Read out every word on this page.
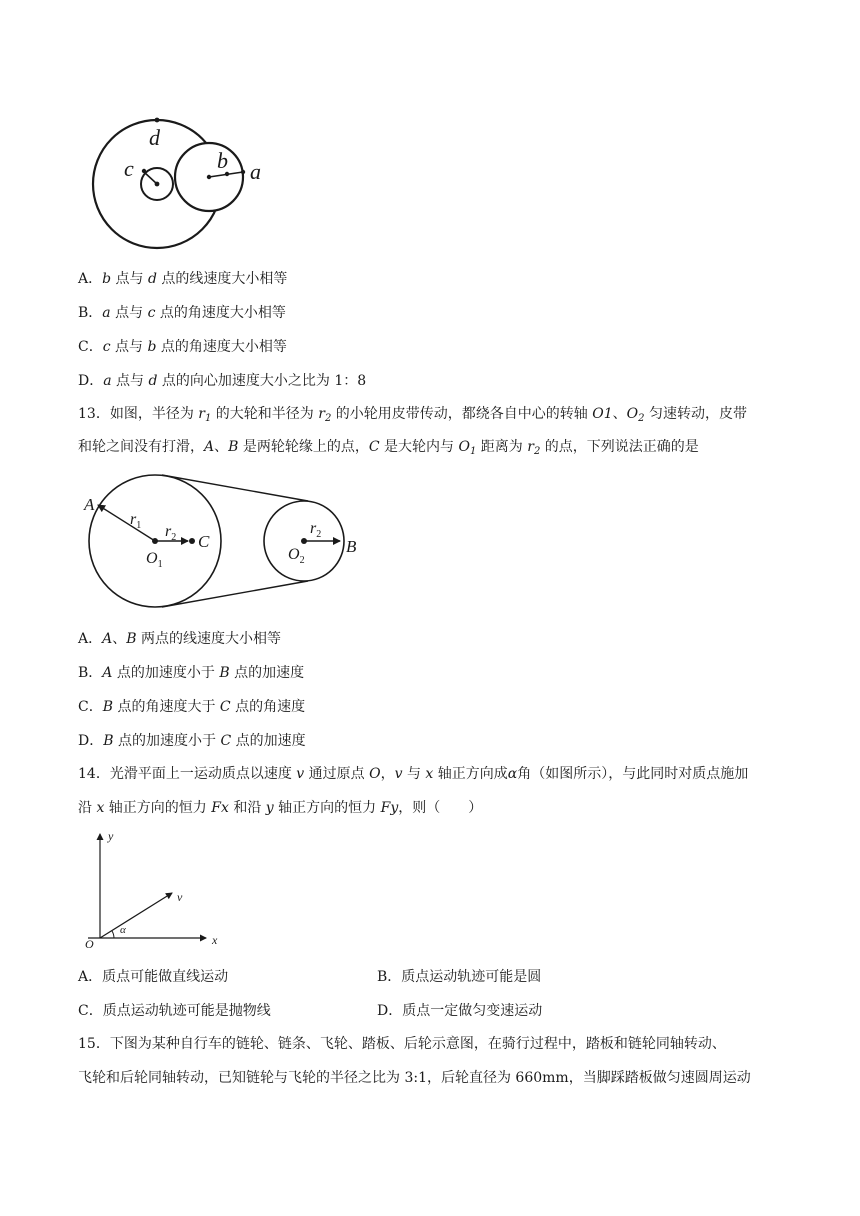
d
c	b a
A．b 点与 d 点的线速度大小相等
B．a 点与 c 点的角速度大小相等
C．c 点与 b 点的角速度大小相等
D．a 点与 d 点的向心加速度大小之比为 1：8
13．如图，半径为 $r_1$ 的大轮和半径为 $r_2$ 的小轮用皮带传动，都绕各自中心的转轴 O1、$O_2$ 匀速转动，皮带
和轮之间没有打滑，A、B 是两轮轮缘上的点，C 是大轮内与 $O_1$ 距离为 $r_2$ 的点，下列说法正确的是
A
$r_1$ $r_2$ C
$O_1$
$r_2$
$O_2$
B
A．A、B 两点的线速度大小相等
B．A 点的加速度小于 B 点的加速度
C．B 点的角速度大于 C 点的角速度
D．B 点的加速度小于 C 点的加速度
14．光滑平面上一运动质点以速度 v 通过原点 O，v 与 x 轴正方向成α角（如图所示），与此同时对质点施加
沿 x 轴正方向的恒力 Fx 和沿 y 轴正方向的恒力 Fy，则（　　）
y
x
O
v
α
A．质点可能做直线运动	B．质点运动轨迹可能是圆
C．质点运动轨迹可能是抛物线	D．质点一定做匀变速运动
15．下图为某种自行车的链轮、链条、飞轮、踏板、后轮示意图，在骑行过程中，踏板和链轮同轴转动、
飞轮和后轮同轴转动，已知链轮与飞轮的半径之比为 3:1，后轮直径为 660mm，当脚踩踏板做匀速圆周运动
